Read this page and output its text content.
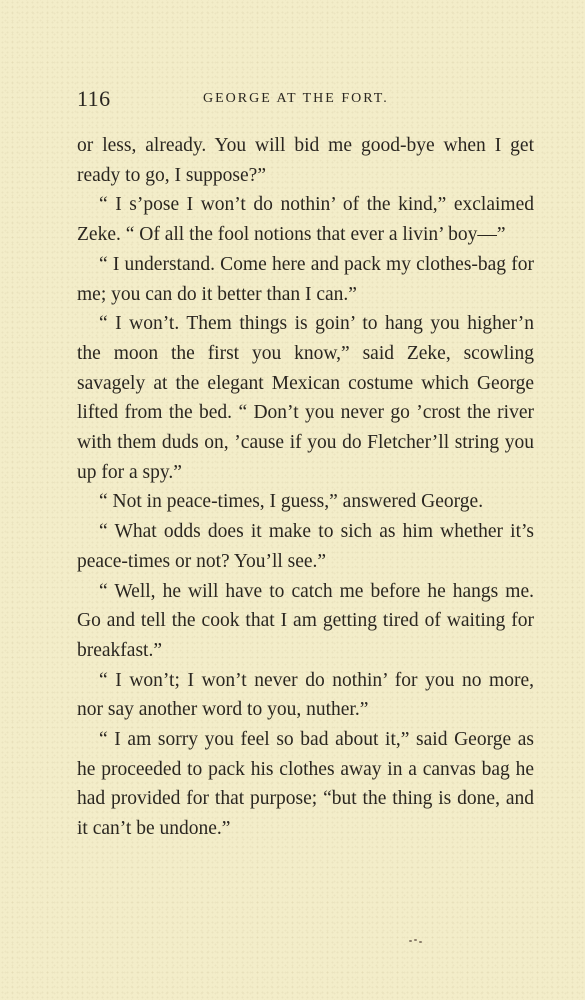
116	GEORGE AT THE FORT.

or less, already. You will bid me good-bye when I get ready to go, I suppose?”

“ I s’pose I won’t do nothin’ of the kind,” exclaimed Zeke. “ Of all the fool notions that ever a livin’ boy—”

“ I understand. Come here and pack my clothes-bag for me; you can do it better than I can.”

“ I won’t. Them things is goin’ to hang you higher’n the moon the first you know,” said Zeke, scowling savagely at the elegant Mexican costume which George lifted from the bed. “ Don’t you never go ’crost the river with them duds on, ’cause if you do Fletcher’ll string you up for a spy.”

“ Not in peace-times, I guess,” answered George.

“ What odds does it make to sich as him whether it’s peace-times or not? You’ll see.”

“ Well, he will have to catch me before he hangs me. Go and tell the cook that I am getting tired of waiting for breakfast.”

“ I won’t; I won’t never do nothin’ for you no more, nor say another word to you, nuther.”

“ I am sorry you feel so bad about it,” said George as he proceeded to pack his clothes away in a canvas bag he had provided for that purpose; “but the thing is done, and it can’t be undone.”
